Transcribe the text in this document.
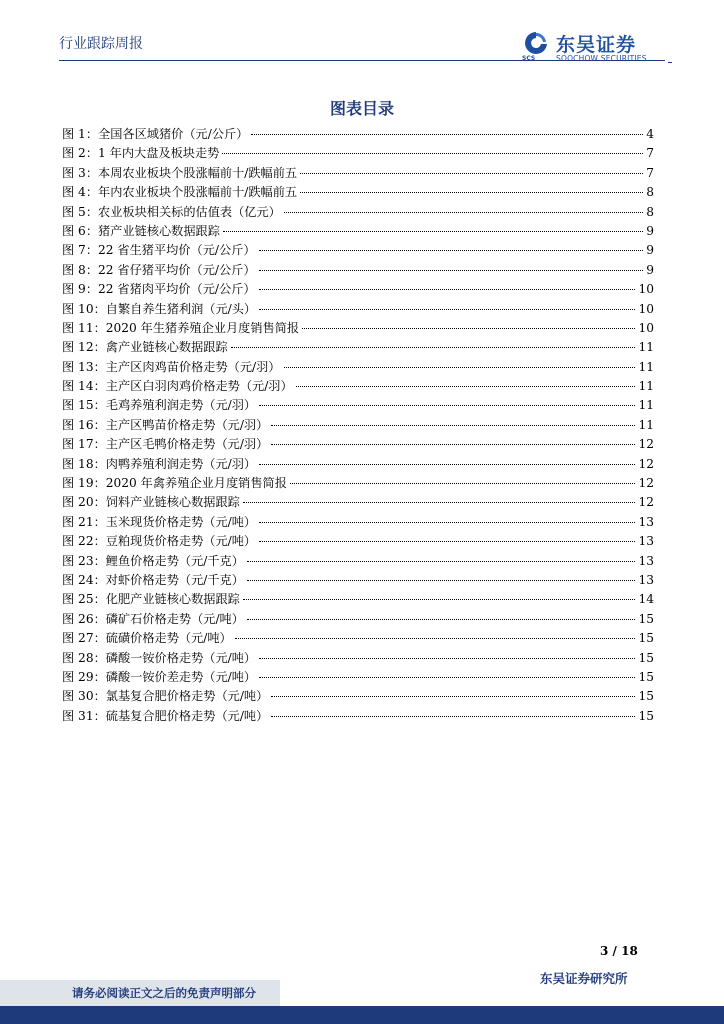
行业跟踪周报
SCS
东吴证券
SOOCHOW SECURITIES
图表目录
图 1：全国各区域猪价（元/公斤）	4
图 2：1 年内大盘及板块走势	7
图 3：本周农业板块个股涨幅前十/跌幅前五	7
图 4：年内农业板块个股涨幅前十/跌幅前五	8
图 5：农业板块相关标的估值表（亿元）	8
图 6：猪产业链核心数据跟踪	9
图 7：22 省生猪平均价（元/公斤）	9
图 8：22 省仔猪平均价（元/公斤）	9
图 9：22 省猪肉平均价（元/公斤）	10
图 10：自繁自养生猪利润（元/头）	10
图 11：2020 年生猪养殖企业月度销售简报	10
图 12：禽产业链核心数据跟踪	11
图 13：主产区肉鸡苗价格走势（元/羽）	11
图 14：主产区白羽肉鸡价格走势（元/羽）	11
图 15：毛鸡养殖利润走势（元/羽）	11
图 16：主产区鸭苗价格走势（元/羽）	11
图 17：主产区毛鸭价格走势（元/羽）	12
图 18：肉鸭养殖利润走势（元/羽）	12
图 19：2020 年禽养殖企业月度销售简报	12
图 20：饲料产业链核心数据跟踪	12
图 21：玉米现货价格走势（元/吨）	13
图 22：豆粕现货价格走势（元/吨）	13
图 23：鲤鱼价格走势（元/千克）	13
图 24：对虾价格走势（元/千克）	13
图 25：化肥产业链核心数据跟踪	14
图 26：磷矿石价格走势（元/吨）	15
图 27：硫磺价格走势（元/吨）	15
图 28：磷酸一铵价格走势（元/吨）	15
图 29：磷酸一铵价差走势（元/吨）	15
图 30：氯基复合肥价格走势（元/吨）	15
图 31：硫基复合肥价格走势（元/吨）	15
3 / 18
东吴证券研究所
请务必阅读正文之后的免责声明部分
